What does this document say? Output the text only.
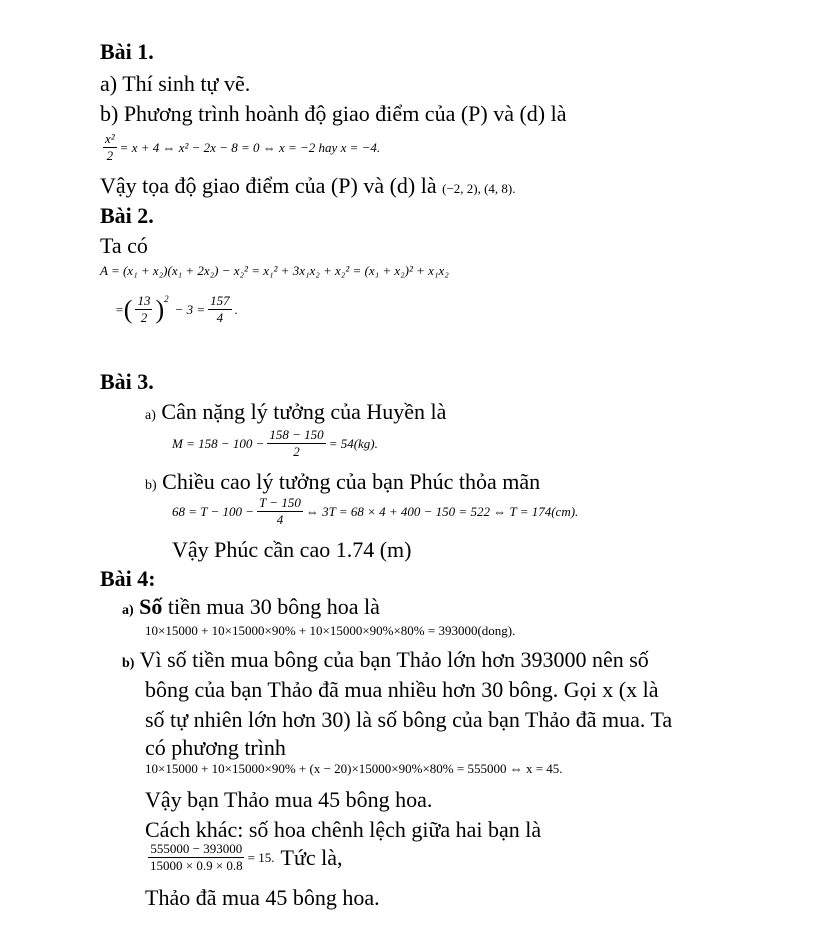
Bài 1.
a) Thí sinh tự vẽ.
b) Phương trình hoành độ giao điểm của (P) và (d) là
$\frac{\text{x²}}{2} = x + 4$ ⇔ x² − 2x − 8 = 0 ⇔ x = −2 hay x = −4.
Vậy tọa độ giao điểm của (P) và (d) là (−2, 2), (4, 8).
Bài 2.
Ta có
A = (x₁ + x₂)(x₁ + 2x₂) − x₂² = x₁² + 3x₁x₂ + x₂² = (x₁ + x₂)² + x₁x₂
= ( $\frac{13}{2}$ ) 2
− $3 = \frac{157}{4}$ .
Bài 3.
a) Cân nặng lý tưởng của Huyền là
$M = 158 - 100 - \frac{158 - 150}{2} = 54(kg)$.
b) Chiều cao lý tưởng của bạn Phúc thỏa mãn
$68 = T - 100 - \frac{T - 150}{4}$ ⇔ 3T = 68 × 4 + 400 − 150 = 522 ⇔ T = 174(cm).
Vậy Phúc cần cao 1.74 (m)
Bài 4:
a) Số tiền mua 30 bông hoa là
10×15000 + 10×15000×90% + 10×15000×90%×80% = 393000(dong).
b) Vì số tiền mua bông của bạn Thảo lớn hơn 393000 nên số
bông của bạn Thảo đã mua nhiều hơn 30 bông. Gọi x (x là
số tự nhiên lớn hơn 30) là số bông của bạn Thảo đã mua. Ta
có phương trình
10×15000 + 10×15000×90% + (x − 20)×15000×90%×80% = 555000 ⇔ x = 45.
Vậy bạn Thảo mua 45 bông hoa.
Cách khác: số hoa chênh lệch giữa hai bạn là
$\frac{555000 - 393000}{15000 \times 0.9 \times 0.8} = 15$. Tức là,
Thảo đã mua 45 bông hoa.
